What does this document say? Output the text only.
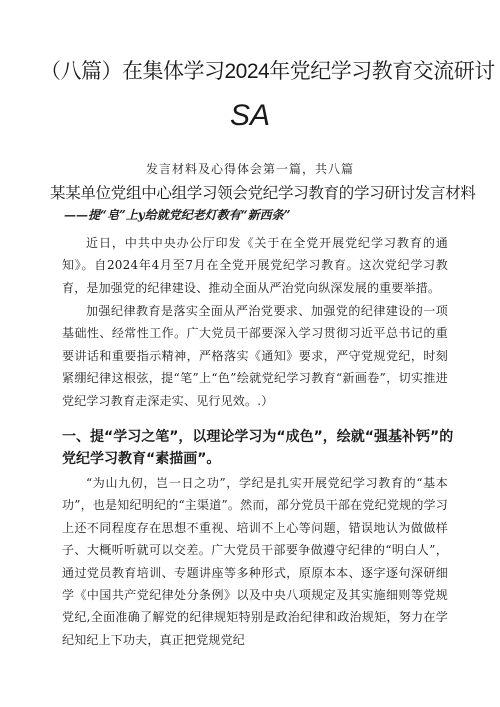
（八篇）在集体学习2024年党纪学习教育交流研讨
SA
发言材料及心得体会第一篇，共八篇
某某单位党组中心组学习领会党纪学习教育的学习研讨发言材料
——提“皂”上y给就党纪老灯教有“新西条”

近日，中共中央办公厅印发《关于在全党开展党纪学习教育的通知》。自2024年4月至7月在全党开展党纪学习教育。这次党纪学习教育，是加强党的纪律建设、推动全面从严治党向纵深发展的重要举措。

加强纪律教育是落实全面从严治党要求、加强党的纪律建设的一项基础性、经常性工作。广大党员干部要深入学习贯彻习近平总书记的重要讲话和重要指示精神，严格落实《通知》要求，严守党规党纪，时刻紧绷纪律这根弦，提“笔”上“色”绘就党纪学习教育“新画卷”，切实推进党纪学习教育走深走实、见行见效。.）

一、提“学习之笔”，以理论学习为“成色”，绘就“强基补钙”的党纪学习教育“素描画”。

“为山九仞，岂一日之功”，学纪是扎实开展党纪学习教育的“基本功”，也是知纪明纪的“主渠道”。然而，部分党员干部在党纪党规的学习上还不同程度存在思想不重视、培训不上心等问题，错误地认为做做样子、大概听听就可以交差。广大党员干部要争做遵守纪律的“明白人”，通过党员教育培训、专题讲座等多种形式，原原本本、逐字逐句深研细学《中国共产党纪律处分条例》以及中央八项规定及其实施细则等党规党纪,全面准确了解党的纪律规矩特别是政治纪律和政治规矩，努力在学纪知纪上下功夫，真正把党规党纪
